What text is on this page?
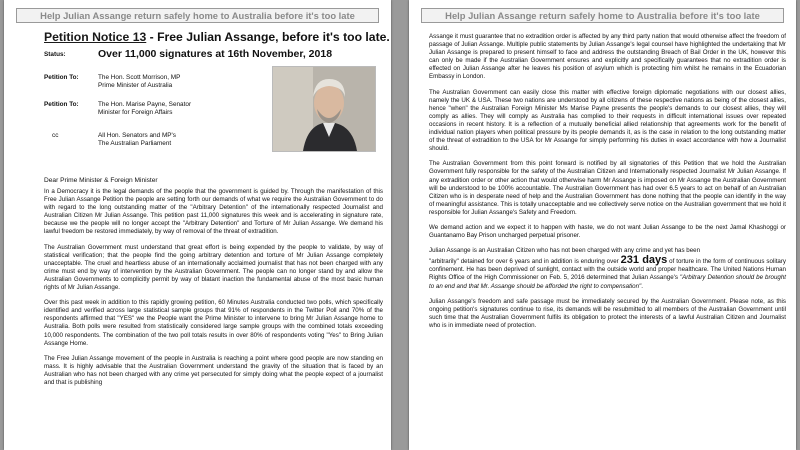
Help Julian Assange return safely home to Australia before it's too late
Petition Notice 13 - Free Julian Assange, before it's too late.
Status:	Over 11,000 signatures at 16th November, 2018
Petition To:	The Hon. Scott Morrison, MP
Prime Minister of Australia
Petition To:	The Hon. Marise Payne, Senator
Minister for Foreign Affairs
cc	All Hon. Senators and MP's
The Australian Parliament
Dear Prime Minister & Foreign Minister

In a Democracy it is the legal demands of the people that the government is guided by. Through the manifestation of this Free Julian Assange Petition the people are setting forth our demands of what we require the Australian Government to do with regard to the long outstanding matter of the "Arbitrary Detention" of the internationally respected Journalist and Australian Citizen Mr Julian Assange. This petition past 11,000 signatures this week and is accelerating in signature rate, because we the people will no longer accept the "Arbitrary Detention" and Torture of Mr Julian Assange. We demand his lawful freedom be restored immediately, by way of removal of the threat of extradition.

The Australian Government must understand that great effort is being expended by the people to validate, by way of statistical verification; that the people find the going arbitrary detention and torture of Mr Julian Assange completely unacceptable. The cruel and heartless abuse of an internationally acclaimed journalist that has not been charged with any crime must end by way of intervention by the Australian Government. The people can no longer stand by and allow the Australian Governments to complicitly permit by way of blatant inaction the fundamental abuse of the most basic human rights of Mr Julian Assange.

Over this past week in addition to this rapidly growing petition, 60 Minutes Australia conducted two polls, which specifically identified and verified across large statistical sample groups that 91% of respondents in the Twitter Poll and 70% of the respondents affirmed that "YES" we the People want the Prime Minister to intervene to bring Mr Julian Assange home to Australia. Both polls were resulted from statistically considered large sample groups with the combined totals exceeding 10,000 respondents. The combination of the two poll totals results in over 80% of respondents voting "Yes" to Bring Julian Assange Home.

The Free Julian Assange movement of the people in Australia is reaching a point where good people are now standing en mass. It is highly advisable that the Australian Government understand the gravity of the situation that is faced by an Australian who has not been charged with any crime yet persecuted for simply doing what the people expect of a journalist and that is publishing

Help Julian Assange return safely home to Australia before it's too late

Assange it must guarantee that no extradition order is affected by any third party nation that would otherwise affect the freedom of passage of Julian Assange. Multiple public statements by Julian Assange's legal counsel have highlighted the undertaking that Mr Julian Assange is prepared to present himself to face and address the outstanding Breach of Bail Order in the UK, however this can only be made if the Australian Government ensures and explicitly and specifically guarantees that no extradition order is effected on Julian Assange after he leaves his position of asylum which is protecting him whilst he remains in the Ecuadorian Embassy in London.

The Australian Government can easily close this matter with effective foreign diplomatic negotiations with our closest allies, namely the UK & USA. These two nations are understood by all citizens of these respective nations as being of the closest allies, hence "when" the Australian Foreign Minister Ms Marise Payne presents the people's demands to our closest allies, they will comply as allies. They will comply as Australia has complied to their requests in difficult international issues over repeated occasions in recent history. It is a reflection of a mutually beneficial allied relationship that agreements work for the benefit of individual nation players when political pressure by its people demands it, as is the case in relation to the long outstanding matter of the threat of extradition to the USA for Mr Assange for simply performing his duties in exact accordance with how a Journalist should.

The Australian Government from this point forward is notified by all signatories of this Petition that we hold the Australian Government fully responsible for the safety of the Australian Citizen and Internationally respected Journalist Mr Julian Assange. If any extradition order or other action that would otherwise harm Mr Assange is imposed on Mr Assange the Australian Government will be understood to be 100% accountable. The Australian Government has had over 6.5 years to act on behalf of an Australian Citizen who is in desperate need of help and the Australian Government has done nothing that the people can identify in the way of meaningful assistance. This is totally unacceptable and we collectively serve notice on the Australian government that we hold it responsible for Julian Assange's Safety and Freedom.

We demand action and we expect it to happen with haste, we do not want Julian Assange to be the next Jamal Khashoggi or Guantanamo Bay Prison uncharged perpetual prisoner.

Julian Assange is an Australian Citizen who has not been charged with any crime and yet has been

"arbitrarily" detained for over 6 years and in addition is enduring over 231 days of torture in the form of continuous solitary confinement. He has been deprived of sunlight, contact with the outside world and proper healthcare. The United Nations Human Rights Office of the High Commissioner on Feb. 5, 2016 determined that Julian Assange's "Arbitrary Detention should be brought to an end and that Mr. Assange should be afforded the right to compensation".

Julian Assange's freedom and safe passage must be immediately secured by the Australian Government. Please note, as this ongoing petition's signatures continue to rise, its demands will be resubmitted to all members of the Australian Government until such time that the Australian Government fulfils its obligation to protect the interests of a lawful Australian Citizen and Journalist who is in immediate need of protection.
